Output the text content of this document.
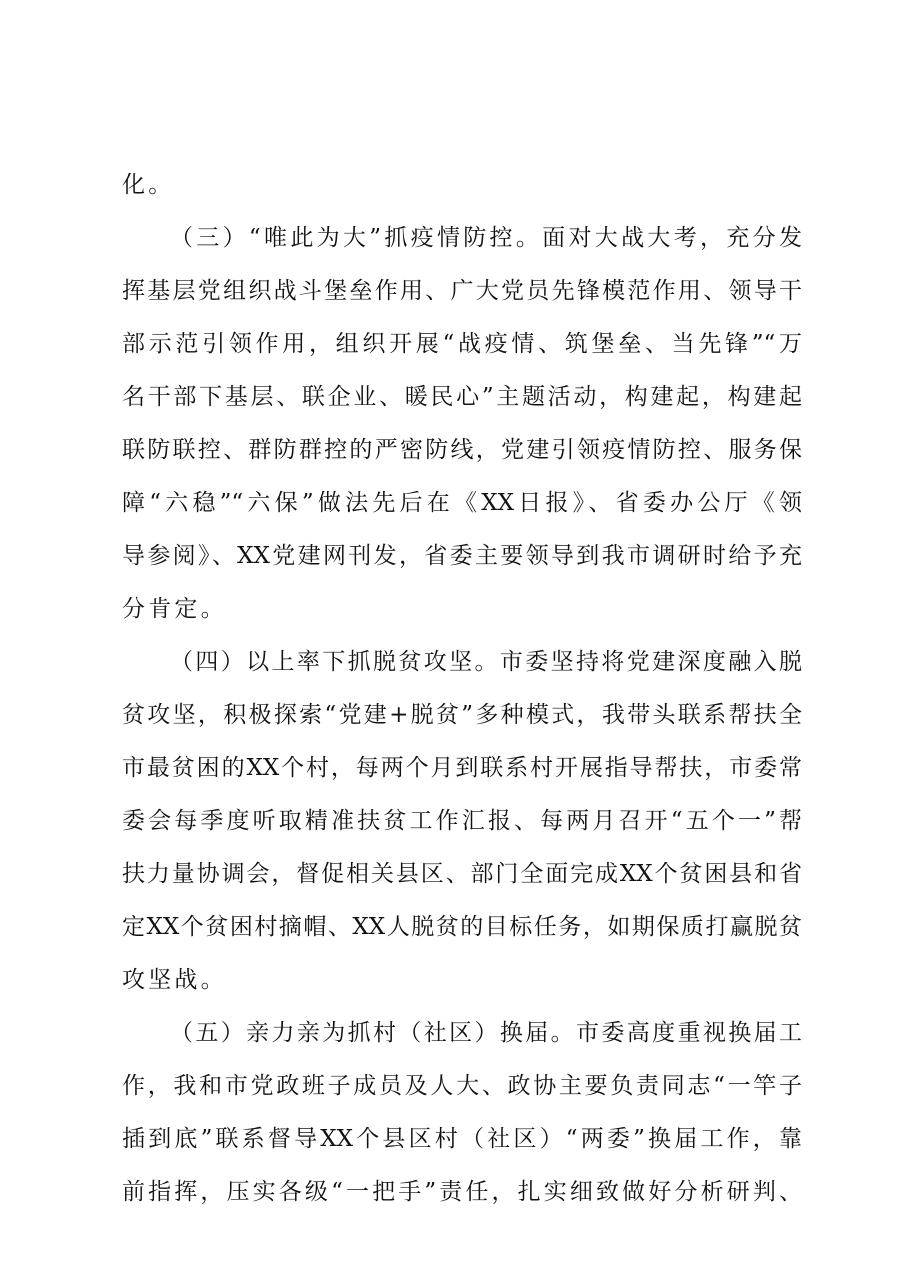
化。
（三）“唯此为大”抓疫情防控。面对大战大考，充分发
挥基层党组织战斗堡垒作用、广大党员先锋模范作用、领导干
部示范引领作用，组织开展“战疫情、筑堡垒、当先锋”“万
名干部下基层、联企业、暖民心”主题活动，构建起，构建起
联防联控、群防群控的严密防线，党建引领疫情防控、服务保
障“六稳”“六保”做法先后在《XX日报》、省委办公厅《领
导参阅》、XX党建网刊发，省委主要领导到我市调研时给予充
分肯定。
（四）以上率下抓脱贫攻坚。市委坚持将党建深度融入脱
贫攻坚，积极探索“党建+脱贫”多种模式，我带头联系帮扶全
市最贫困的XX个村，每两个月到联系村开展指导帮扶，市委常
委会每季度听取精准扶贫工作汇报、每两月召开“五个一”帮
扶力量协调会，督促相关县区、部门全面完成XX个贫困县和省
定XX个贫困村摘帽、XX人脱贫的目标任务，如期保质打赢脱贫
攻坚战。
（五）亲力亲为抓村（社区）换届。市委高度重视换届工
作，我和市党政班子成员及人大、政协主要负责同志“一竿子
插到底”联系督导XX个县区村（社区）“两委”换届工作，靠
前指挥，压实各级“一把手”责任，扎实细致做好分析研判、
